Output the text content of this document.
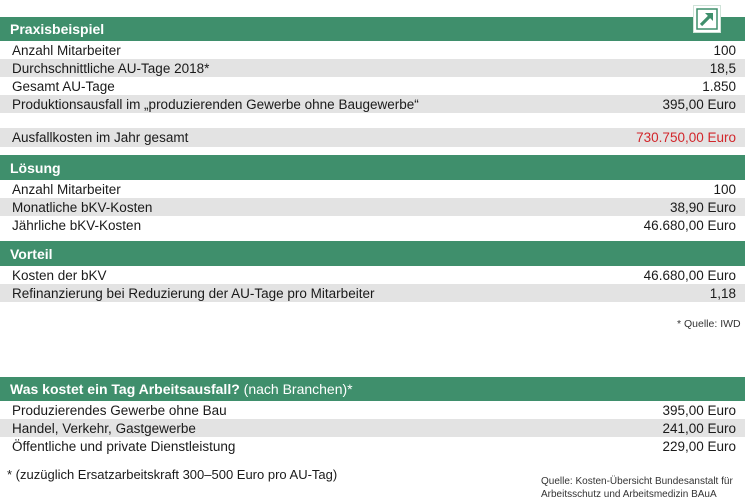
Praxisbeispiel
Anzahl Mitarbeiter	100
Durchschnittliche AU-Tage 2018*	18,5
Gesamt AU-Tage	1.850
Produktionsausfall im „produzierenden Gewerbe ohne Baugewerbe“	395,00 Euro
Ausfallkosten im Jahr gesamt	730.750,00 Euro
Lösung
Anzahl Mitarbeiter	100
Monatliche bKV-Kosten	38,90 Euro
Jährliche bKV-Kosten	46.680,00 Euro
Vorteil
Kosten der bKV	46.680,00 Euro
Refinanzierung bei Reduzierung der AU-Tage pro Mitarbeiter	1,18
* Quelle: IWD
Was kostet ein Tag Arbeitsausfall? (nach Branchen)*
Produzierendes Gewerbe ohne Bau	395,00 Euro
Handel, Verkehr, Gastgewerbe	241,00 Euro
Öffentliche und private Dienstleistung	229,00 Euro
* (zuzüglich Ersatzarbeitskraft 300–500 Euro pro AU-Tag)	Quelle: Kosten-Übersicht Bundesanstalt für
Arbeitsschutz und Arbeitsmedizin BAuA
